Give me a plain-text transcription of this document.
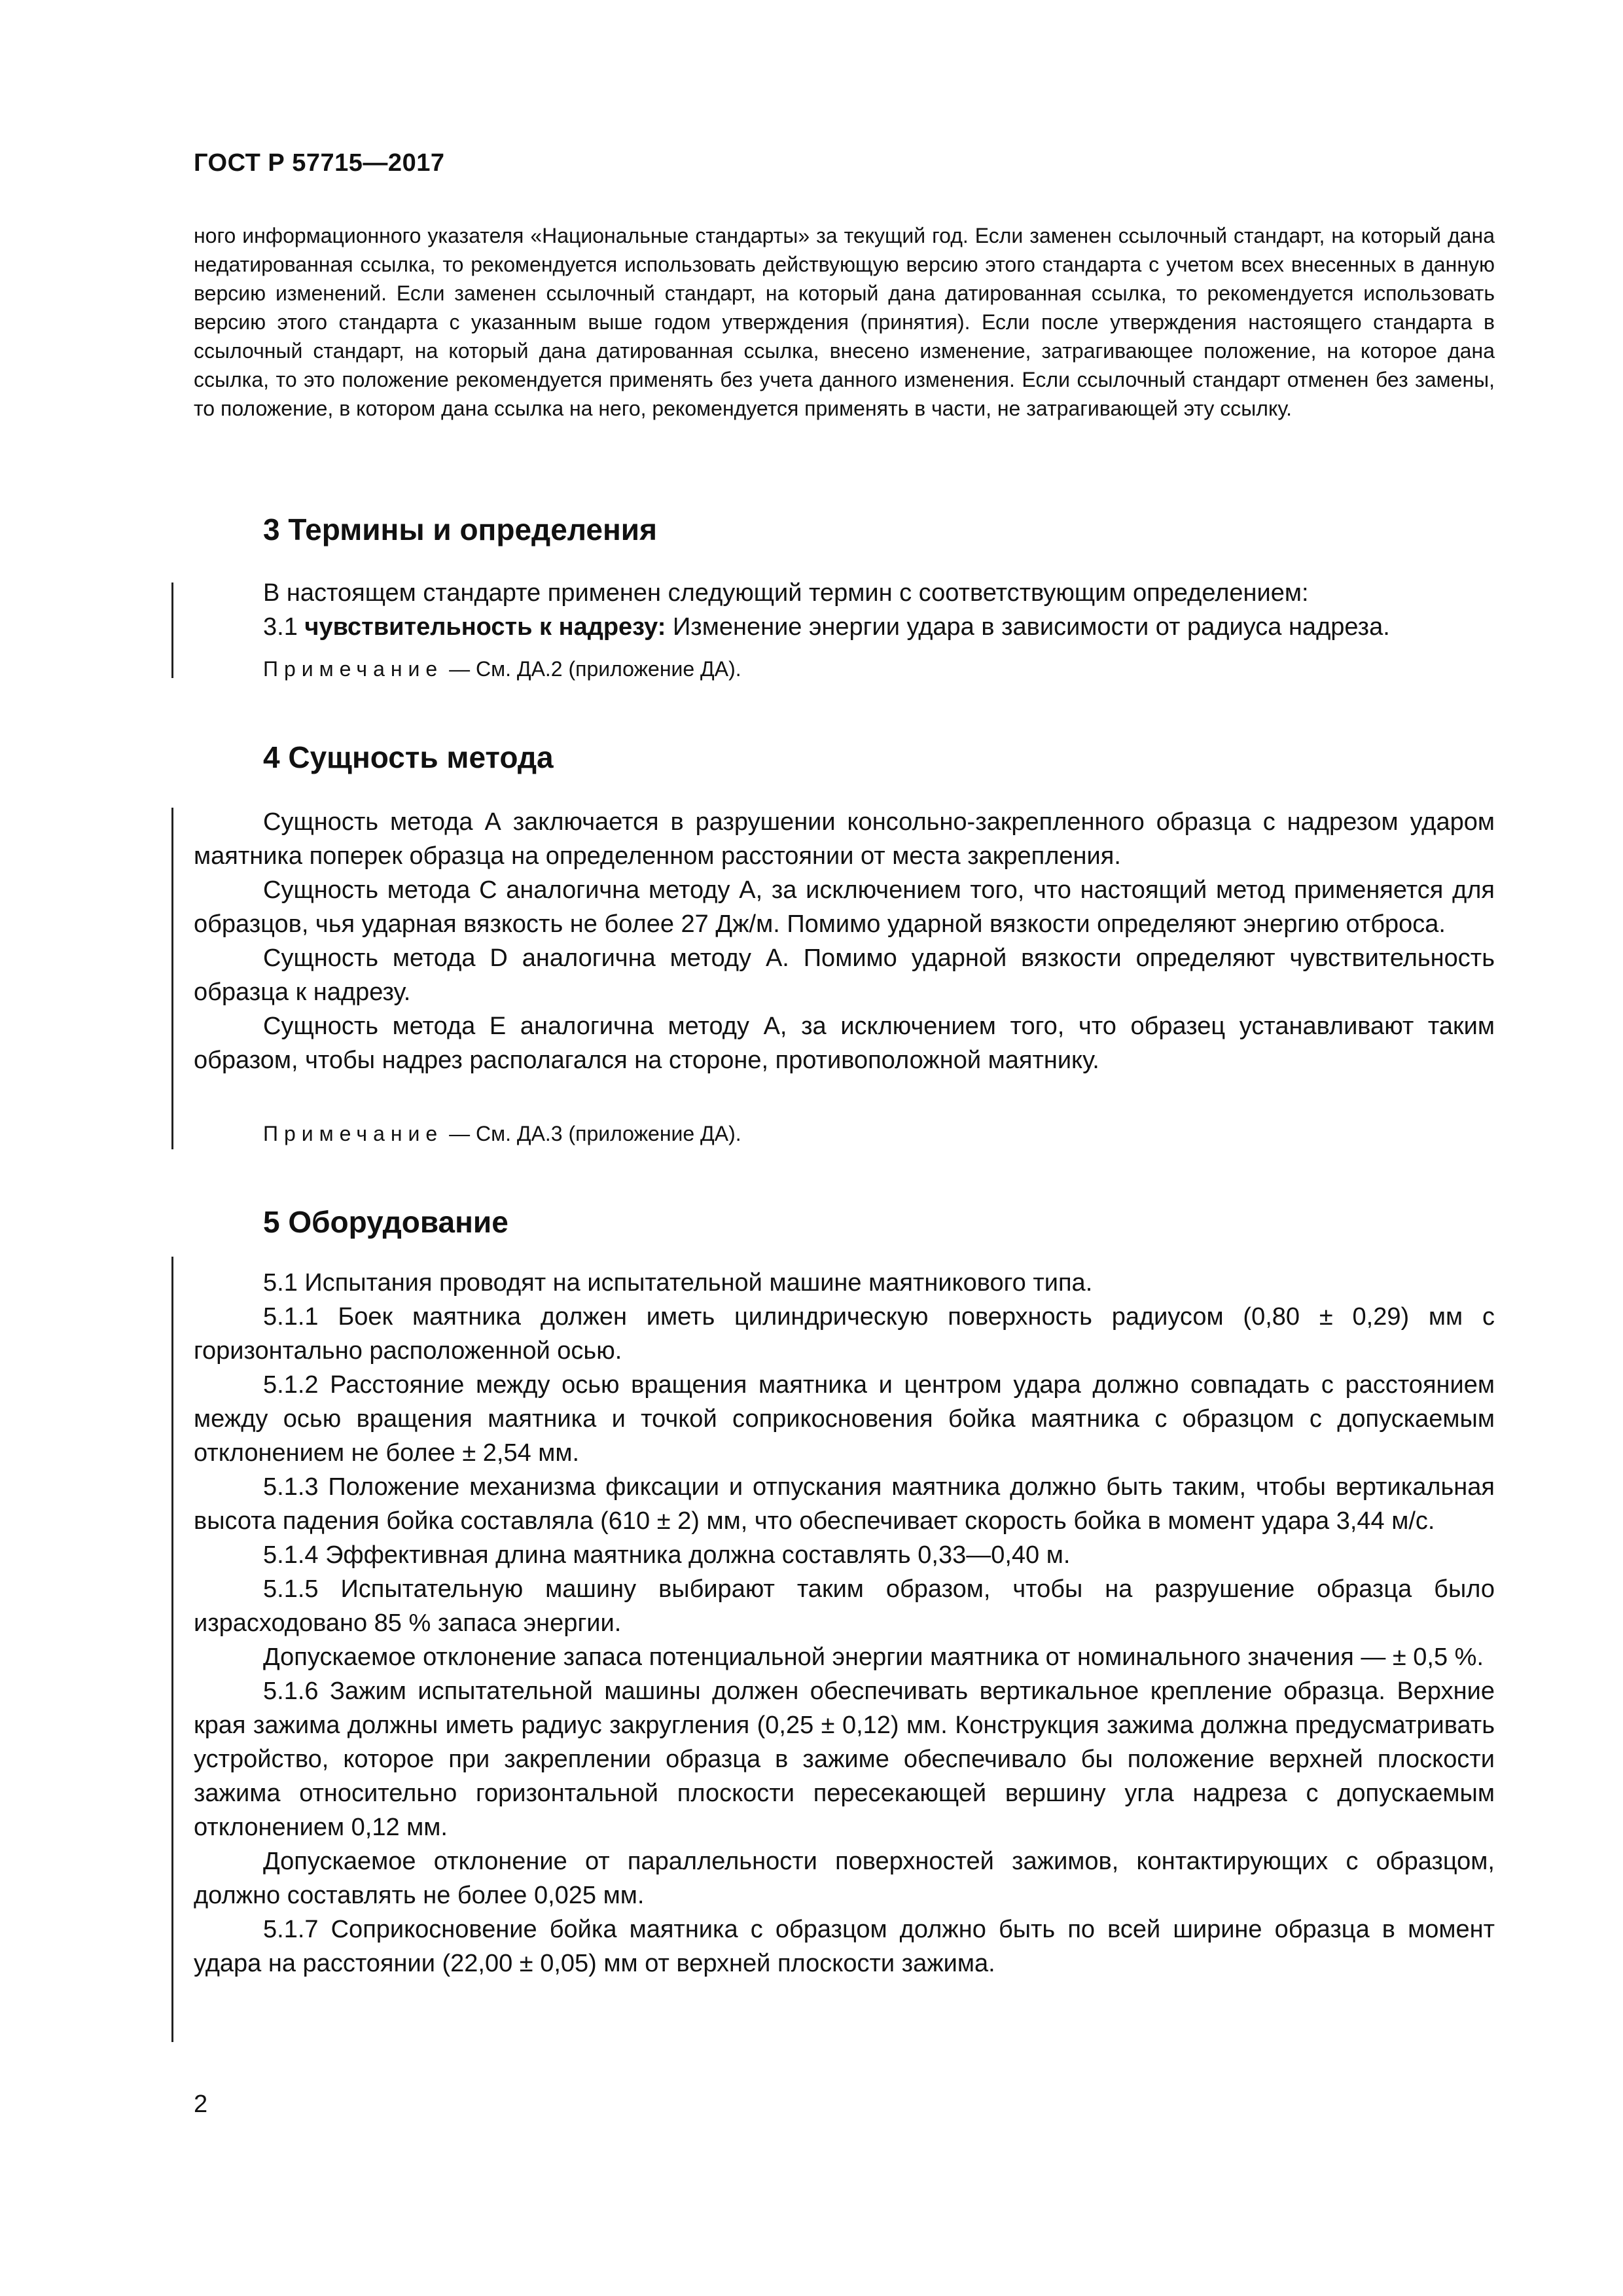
ГОСТ Р 57715—2017
ного информационного указателя «Национальные стандарты» за текущий год. Если заменен ссылочный стандарт, на который дана недатированная ссылка, то рекомендуется использовать действующую версию этого стандарта с учетом всех внесенных в данную версию изменений. Если заменен ссылочный стандарт, на который дана датированная ссылка, то рекомендуется использовать версию этого стандарта с указанным выше годом утверждения (принятия). Если после утверждения настоящего стандарта в ссылочный стандарт, на который дана датированная ссылка, внесено изменение, затрагивающее положение, на которое дана ссылка, то это положение рекомендуется применять без учета данного изменения. Если ссылочный стандарт отменен без замены, то положение, в котором дана ссылка на него, рекомендуется применять в части, не затрагивающей эту ссылку.
3 Термины и определения

В настоящем стандарте применен следующий термин с соответствующим определением:

3.1 чувствительность к надрезу: Изменение энергии удара в зависимости от радиуса надреза.

Примечание — См. ДА.2 (приложение ДА).
4 Сущность метода

Сущность метода А заключается в разрушении консольно-закрепленного образца с надрезом ударом маятника поперек образца на определенном расстоянии от места закрепления.

Сущность метода С аналогична методу А, за исключением того, что настоящий метод применяется для образцов, чья ударная вязкость не более 27 Дж/м. Помимо ударной вязкости определяют энергию отброса.

Сущность метода D аналогична методу А. Помимо ударной вязкости определяют чувствительность образца к надрезу.

Сущность метода Е аналогична методу А, за исключением того, что образец устанавливают таким образом, чтобы надрез располагался на стороне, противоположной маятнику.

Примечание — См. ДА.3 (приложение ДА).
5 Оборудование

5.1 Испытания проводят на испытательной машине маятникового типа.

5.1.1 Боек маятника должен иметь цилиндрическую поверхность радиусом (0,80 ± 0,29) мм с горизонтально расположенной осью.

5.1.2 Расстояние между осью вращения маятника и центром удара должно совпадать с расстоянием между осью вращения маятника и точкой соприкосновения бойка маятника с образцом с допускаемым отклонением не более ± 2,54 мм.

5.1.3 Положение механизма фиксации и отпускания маятника должно быть таким, чтобы вертикальная высота падения бойка составляла (610 ± 2) мм, что обеспечивает скорость бойка в момент удара 3,44 м/с.

5.1.4 Эффективная длина маятника должна составлять 0,33—0,40 м.

5.1.5 Испытательную машину выбирают таким образом, чтобы на разрушение образца было израсходовано 85 % запаса энергии.

Допускаемое отклонение запаса потенциальной энергии маятника от номинального значения — ± 0,5 %.

5.1.6 Зажим испытательной машины должен обеспечивать вертикальное крепление образца. Верхние края зажима должны иметь радиус закругления (0,25 ± 0,12) мм. Конструкция зажима должна предусматривать устройство, которое при закреплении образца в зажиме обеспечивало бы положение верхней плоскости зажима относительно горизонтальной плоскости пересекающей вершину угла надреза с допускаемым отклонением 0,12 мм.

Допускаемое отклонение от параллельности поверхностей зажимов, контактирующих с образцом, должно составлять не более 0,025 мм.

5.1.7 Соприкосновение бойка маятника с образцом должно быть по всей ширине образца в момент удара на расстоянии (22,00 ± 0,05) мм от верхней плоскости зажима.

2
